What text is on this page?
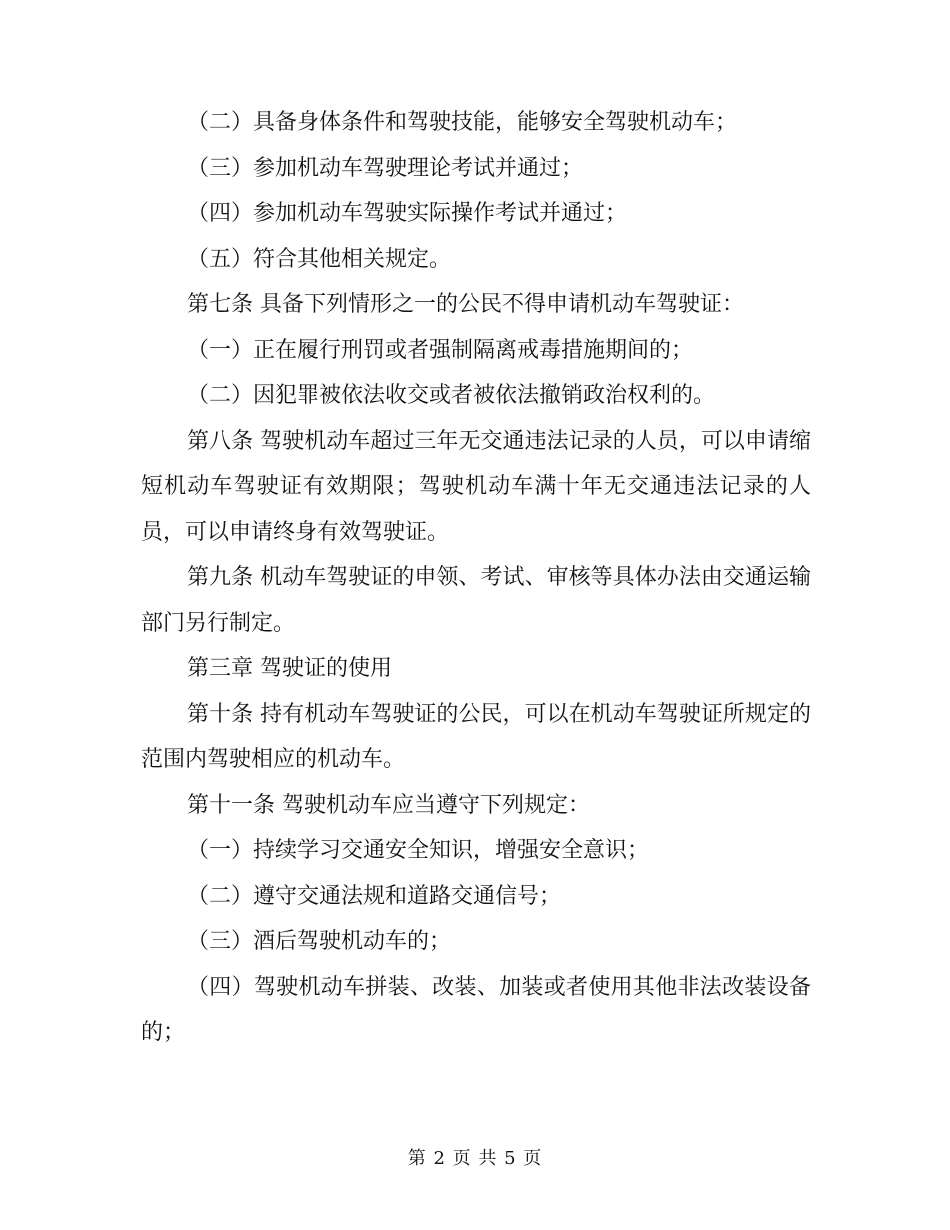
（二）具备身体条件和驾驶技能，能够安全驾驶机动车；

（三）参加机动车驾驶理论考试并通过；

（四）参加机动车驾驶实际操作考试并通过；

（五）符合其他相关规定。

第七条 具备下列情形之一的公民不得申请机动车驾驶证：

（一）正在履行刑罚或者强制隔离戒毒措施期间的；

（二）因犯罪被依法收交或者被依法撤销政治权利的。

第八条 驾驶机动车超过三年无交通违法记录的人员，可以申请缩短机动车驾驶证有效期限；驾驶机动车满十年无交通违法记录的人员，可以申请终身有效驾驶证。

第九条 机动车驾驶证的申领、考试、审核等具体办法由交通运输部门另行制定。

第三章 驾驶证的使用

第十条 持有机动车驾驶证的公民，可以在机动车驾驶证所规定的范围内驾驶相应的机动车。

第十一条 驾驶机动车应当遵守下列规定：

（一）持续学习交通安全知识，增强安全意识；

（二）遵守交通法规和道路交通信号；

（三）酒后驾驶机动车的；

（四）驾驶机动车拼装、改装、加装或者使用其他非法改装设备的；

第 2 页 共 5 页
